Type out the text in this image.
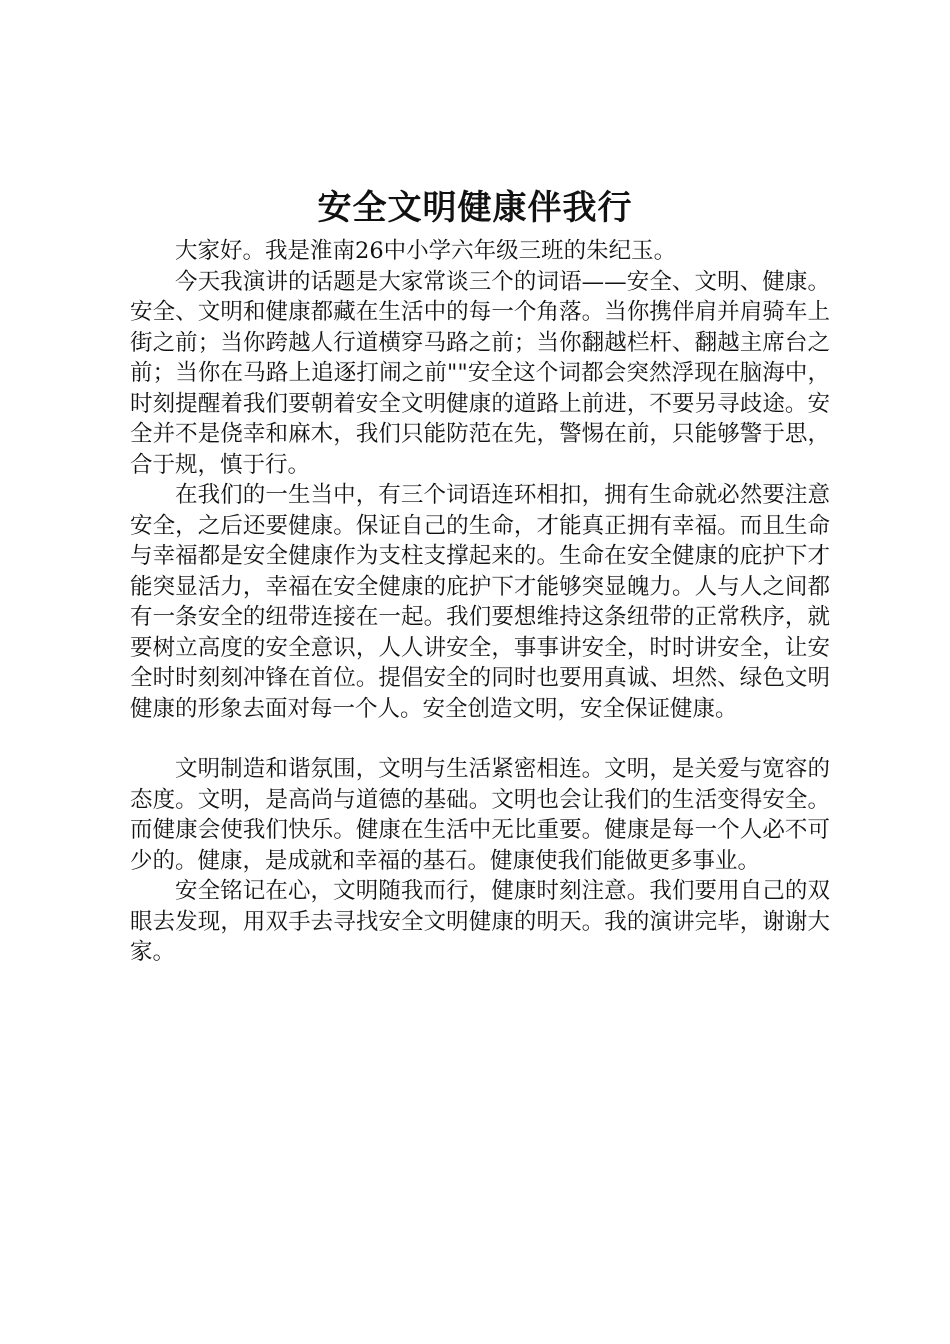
安全文明健康伴我行

大家好。我是淮南26中小学六年级三班的朱纪玉。

今天我演讲的话题是大家常谈三个的词语——安全、文明、健康。安全、文明和健康都藏在生活中的每一个角落。当你携伴肩并肩骑车上街之前；当你跨越人行道横穿马路之前；当你翻越栏杆、翻越主席台之前；当你在马路上追逐打闹之前""安全这个词都会突然浮现在脑海中，时刻提醒着我们要朝着安全文明健康的道路上前进，不要另寻歧途。安全并不是侥幸和麻木，我们只能防范在先，警惕在前，只能够警于思，合于规，慎于行。

在我们的一生当中，有三个词语连环相扣，拥有生命就必然要注意安全，之后还要健康。保证自己的生命，才能真正拥有幸福。而且生命与幸福都是安全健康作为支柱支撑起来的。生命在安全健康的庇护下才能突显活力，幸福在安全健康的庇护下才能够突显魄力。人与人之间都有一条安全的纽带连接在一起。我们要想维持这条纽带的正常秩序，就要树立高度的安全意识，人人讲安全，事事讲安全，时时讲安全，让安全时时刻刻冲锋在首位。提倡安全的同时也要用真诚、坦然、绿色文明健康的形象去面对每一个人。安全创造文明，安全保证健康。

文明制造和谐氛围，文明与生活紧密相连。文明，是关爱与宽容的态度。文明，是高尚与道德的基础。文明也会让我们的生活变得安全。而健康会使我们快乐。健康在生活中无比重要。健康是每一个人必不可少的。健康，是成就和幸福的基石。健康使我们能做更多事业。

安全铭记在心，文明随我而行，健康时刻注意。我们要用自己的双眼去发现，用双手去寻找安全文明健康的明天。我的演讲完毕，谢谢大家。
